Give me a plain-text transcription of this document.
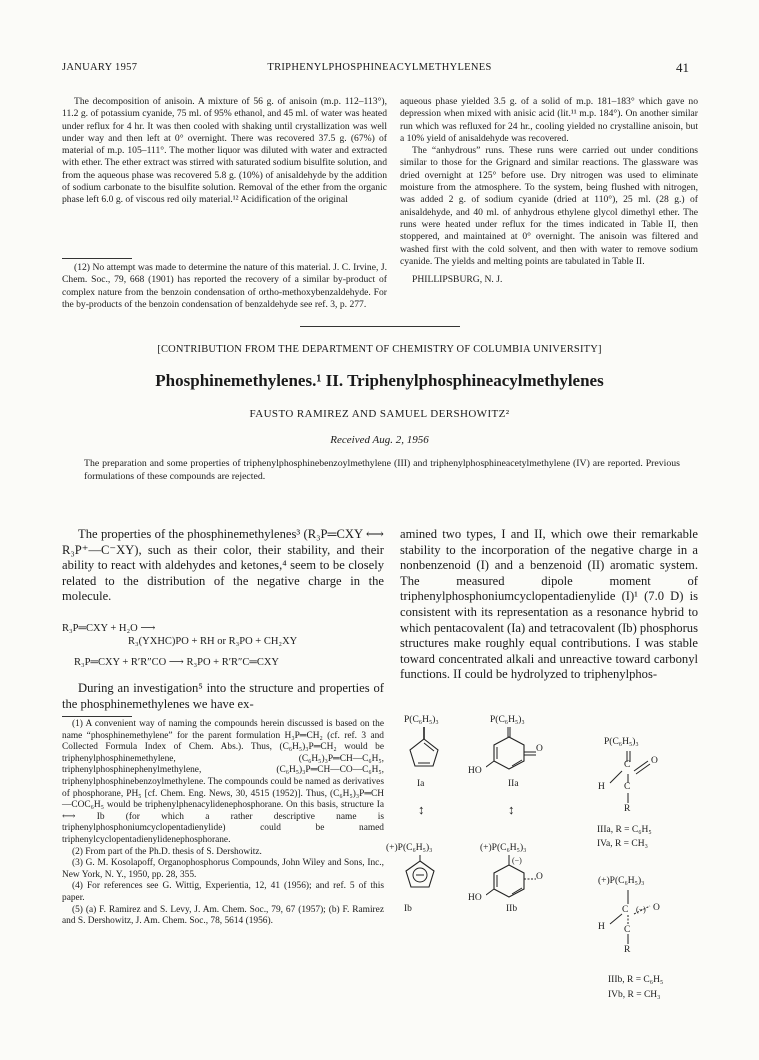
JANUARY 1957	TRIPHENYLPHOSPHINEACYLMETHYLENES	41

The decomposition of anisoin. A mixture of 56 g. of anisoin (m.p. 112–113°), 11.2 g. of potassium cyanide, 75 ml. of 95% ethanol, and 45 ml. of water was heated under reflux for 4 hr. It was then cooled with shaking until crystallization was well under way and then left at 0° overnight. There was recovered 37.5 g. (67%) of material of m.p. 105–111°. The mother liquor was diluted with water and extracted with ether. The ether extract was stirred with saturated sodium bisulfite solution, and from the aqueous phase was recovered 5.8 g. (10%) of anisaldehyde by the addition of sodium carbonate to the bisulfite solution. Removal of the ether from the organic phase left 6.0 g. of viscous red oily material.¹² Acidification of the original

(12) No attempt was made to determine the nature of this material. J. C. Irvine, J. Chem. Soc., 79, 668 (1901) has reported the recovery of a similar by-product of complex nature from the benzoin condensation of ortho-methoxybenzaldehyde. For the by-products of the benzoin condensation of benzaldehyde see ref. 3, p. 277.

aqueous phase yielded 3.5 g. of a solid of m.p. 181–183° which gave no depression when mixed with anisic acid (lit.¹¹ m.p. 184°). On another similar run which was refluxed for 24 hr., cooling yielded no crystalline anisoin, but a 10% yield of anisaldehyde was recovered.

The “anhydrous” runs. These runs were carried out under conditions similar to those for the Grignard and similar reactions. The glassware was dried overnight at 125° before use. Dry nitrogen was used to eliminate moisture from the atmosphere. To the system, being flushed with nitrogen, was added 2 g. of sodium cyanide (dried at 110°), 25 ml. (28 g.) of anisaldehyde, and 40 ml. of anhydrous ethylene glycol dimethyl ether. The runs were heated under reflux for the times indicated in Table II, then stoppered, and maintained at 0° overnight. The anisoin was filtered and washed first with the cold solvent, and then with water to remove sodium cyanide. The yields and melting points are tabulated in Table II.

PHILLIPSBURG, N. J.

[CONTRIBUTION FROM THE DEPARTMENT OF CHEMISTRY OF COLUMBIA UNIVERSITY]
Phosphinemethylenes.¹ II. Triphenylphosphineacylmethylenes
FAUSTO RAMIREZ AND SAMUEL DERSHOWITZ²
Received Aug. 2, 1956
The preparation and some properties of triphenylphosphinebenzoylmethylene (III) and triphenylphosphineacetylmethylene (IV) are reported. Previous formulations of these compounds are rejected.

The properties of the phosphinemethylenes³ (R₃P═CXY ⟷ R₃P⁺—C⁻XY), such as their color, their stability, and their ability to react with aldehydes and ketones,⁴ seem to be closely related to the distribution of the negative charge in the molecule.

R₃P═CXY + H₂O ⟶
R₃(YXHC)PO + RH or R₃PO + CH₂XY
R₃P═CXY + R′R″CO ⟶ R₃PO + R′R″C═CXY

During an investigation⁵ into the structure and properties of the phosphinemethylenes we have ex-

(1) A convenient way of naming the compounds herein discussed is based on the name “phosphinemethylene” for the parent formulation H₃P═CH₂ (cf. ref. 3 and Collected Formula Index of Chem. Abs.). Thus, (C₆H₅)₃P═CH₂ would be triphenylphosphinemethylene, (C₆H₅)₃P═CH—C₆H₅, triphenylphosphinephenylmethylene, (C₆H₅)₃P═CH—CO—C₆H₅, triphenylphosphinebenzoylmethylene. The compounds could be named as derivatives of phosphorane, PH₅ [cf. Chem. Eng. News, 30, 4515 (1952)]. Thus, (C₆H₅)₃P═CH—COC₆H₅ would be triphenylphenacylidenephosphorane. On this basis, structure Ia ⟷ Ib (for which a rather descriptive name is triphenylphosphoniumcyclopentadienylide) could be named triphenylcyclopentadienylidenephosphorane.

(2) From part of the Ph.D. thesis of S. Dershowitz.

(3) G. M. Kosolapoff, Organophosphorus Compounds, John Wiley and Sons, Inc., New York, N. Y., 1950, pp. 28, 355.

(4) For references see G. Wittig, Experientia, 12, 41 (1956); and ref. 5 of this paper.

(5) (a) F. Ramirez and S. Levy, J. Am. Chem. Soc., 79, 67 (1957); (b) F. Ramirez and S. Dershowitz, J. Am. Chem. Soc., 78, 5614 (1956).

amined two types, I and II, which owe their remarkable stability to the incorporation of the negative charge in a nonbenzenoid (I) and a benzenoid (II) aromatic system. The measured dipole moment of triphenylphosphoniumcyclopentadienylide (I)¹ (7.0 D) is consistent with its representation as a resonance hybrid to which pentacovalent (Ia) and tetracovalent (Ib) phosphorus structures make roughly equal contributions. I was stable toward concentrated alkali and unreactive toward carbonyl functions. II could be hydrolyzed to triphenylphos-

P(C₆H₅)₃
Ia
↕
P(C₆H₅)₃
O
HO
IIa
↕
P(C₆H₅)₃
C O
H C
R
IIIa, R = C₆H₅
IVa, R = CH₃
(+)P(C₆H₅)₃
Ib
(+)P(C₆H₅)₃
(−)
O
HO
IIb
(+)P(C₆H₅)₃
C (−) O
H C
R
IIIb, R = C₆H₅
IVb, R = CH₃
